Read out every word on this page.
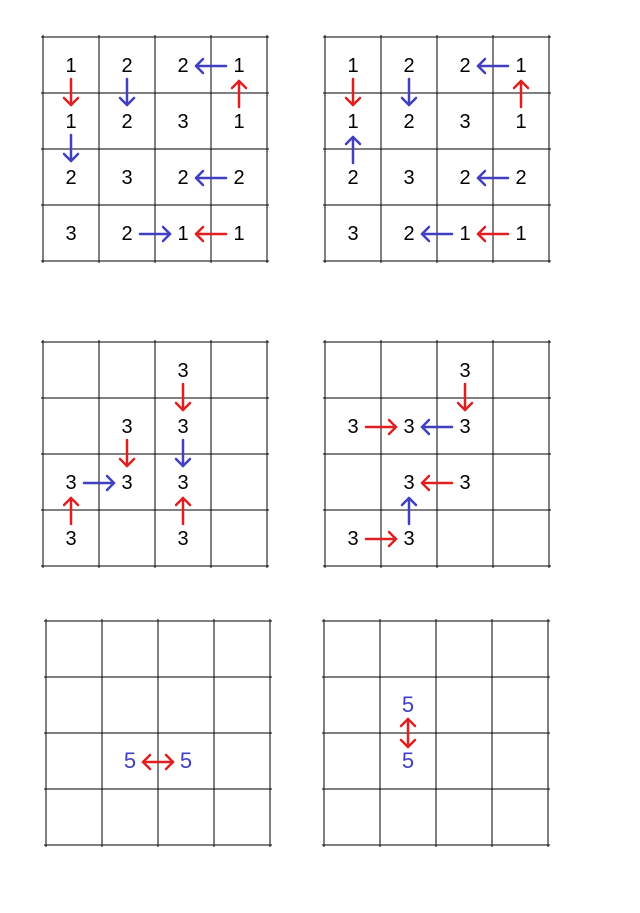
1 2 2 1
1 2 3 1
2 3 2 2
3 2 1 1
1 2 2 1
1 2 3 1
2 3 2 2
3 2 1 1
3
3 3
3 3 3
3	3
3
3 3 3
3 3
3 3
5 5
5
5
